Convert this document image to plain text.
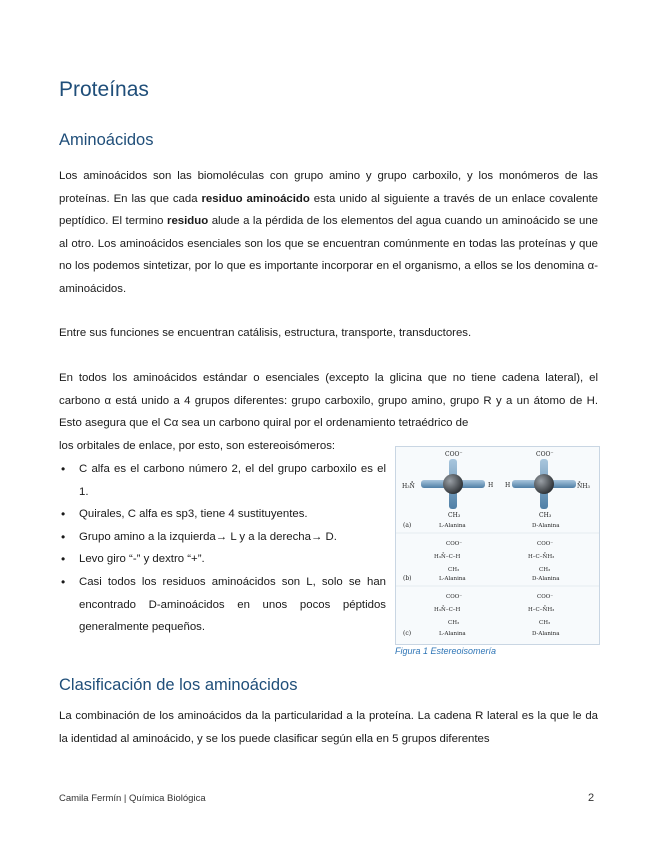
Proteínas
Aminoácidos

Los aminoácidos son las biomoléculas con grupo amino y grupo carboxilo, y los monómeros de las proteínas. En las que cada residuo aminoácido esta unido al siguiente a través de un enlace covalente peptídico. El termino residuo alude a la pérdida de los elementos del agua cuando un aminoácido se une al otro. Los aminoácidos esenciales son los que se encuentran comúnmente en todas las proteínas y que no los podemos sintetizar, por lo que es importante incorporar en el organismo, a ellos se los denomina α-aminoácidos.

Entre sus funciones se encuentran catálisis, estructura, transporte, transductores.

En todos los aminoácidos estándar o esenciales (excepto la glicina que no tiene cadena lateral), el carbono α está unido a 4 grupos diferentes: grupo carboxilo, grupo amino, grupo R y a un átomo de H. Esto asegura que el Cα sea un carbono quiral por el ordenamiento tetraédrico de
los orbitales de enlace, por esto, son estereoisómeros:

• C alfa es el carbono número 2, el del grupo carboxilo es el 1.
• Quirales, C alfa es sp3, tiene 4 sustituyentes.
• Grupo amino a la izquierda→ L y a la derecha→ D.
• Levo giro “-” y dextro “+”.
• Casi todos los residuos aminoácidos son L, solo se han encontrado D-aminoácidos en unos pocos péptidos generalmente pequeños.
COO⁻
H₃N̊	H
CH₃
COO⁻
H	N̊H₃
CH₃
(a)	L-Alanina	D-Alanina
COO⁻
H₃N̊–C–H
CH₃
COO⁻
H–C–N̊H₃
CH₃
(b)	L-Alanina	D-Alanina
COO⁻
H₃N̊–C–H
CH₃
COO⁻
H–C–N̊H₃
CH₃
(c)	L-Alanina	D-Alanina
Figura 1 Estereoisomería
Clasificación de los aminoácidos

La combinación de los aminoácidos da la particularidad a la proteína. La cadena R lateral es la que le da la identidad al aminoácido, y se los puede clasificar según ella en 5 grupos diferentes

Camila Fermín | Química Biológica	2
